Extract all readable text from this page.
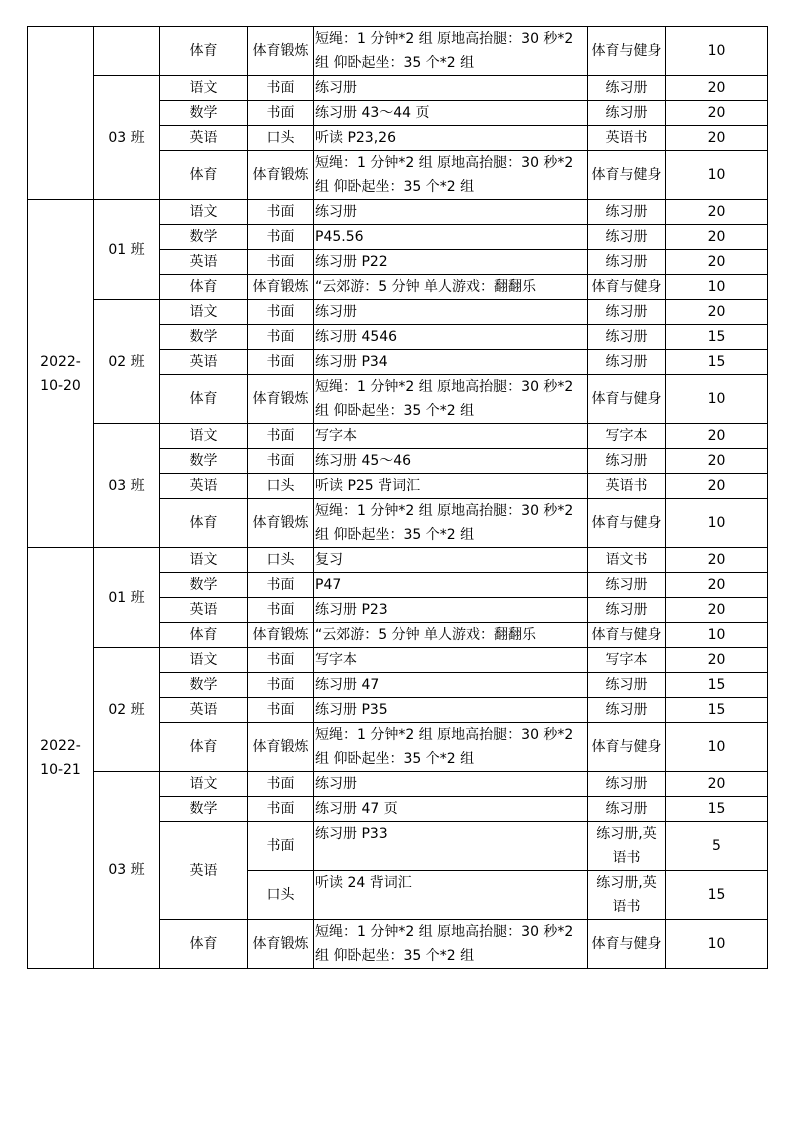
		体育	体育锻炼	短绳：1 分钟*2 组 原地高抬腿：30 秒*2 组 仰卧起坐：35 个*2 组	体育与健身	10
	03 班	语文	书面	练习册	练习册	20
		数学	书面	练习册 43～44 页	练习册	20
		英语	口头	听读 P23,26	英语书	20
		体育	体育锻炼	短绳：1 分钟*2 组 原地高抬腿：30 秒*2 组 仰卧起坐：35 个*2 组	体育与健身	10
2022-10-20	01 班	语文	书面	练习册	练习册	20
		数学	书面	P45.56	练习册	20
		英语	书面	练习册 P22	练习册	20
		体育	体育锻炼	“云郊游：5 分钟 单人游戏：翻翻乐	体育与健身	10
	02 班	语文	书面	练习册	练习册	20
		数学	书面	练习册 4546	练习册	15
		英语	书面	练习册 P34	练习册	15
		体育	体育锻炼	短绳：1 分钟*2 组 原地高抬腿：30 秒*2 组 仰卧起坐：35 个*2 组	体育与健身	10
	03 班	语文	书面	写字本	写字本	20
		数学	书面	练习册 45～46	练习册	20
		英语	口头	听读 P25 背词汇	英语书	20
		体育	体育锻炼	短绳：1 分钟*2 组 原地高抬腿：30 秒*2 组 仰卧起坐：35 个*2 组	体育与健身	10
2022-10-21	01 班	语文	口头	复习	语文书	20
		数学	书面	P47	练习册	20
		英语	书面	练习册 P23	练习册	20
		体育	体育锻炼	“云郊游：5 分钟 单人游戏：翻翻乐	体育与健身	10
	02 班	语文	书面	写字本	写字本	20
		数学	书面	练习册 47	练习册	15
		英语	书面	练习册 P35	练习册	15
		体育	体育锻炼	短绳：1 分钟*2 组 原地高抬腿：30 秒*2 组 仰卧起坐：35 个*2 组	体育与健身	10
	03 班	语文	书面	练习册	练习册	20
		数学	书面	练习册 47 页	练习册	15
		英语	书面	练习册 P33	练习册,英语书	5
			口头	听读 24 背词汇	练习册,英语书	15
		体育	体育锻炼	短绳：1 分钟*2 组 原地高抬腿：30 秒*2 组 仰卧起坐：35 个*2 组	体育与健身	10
